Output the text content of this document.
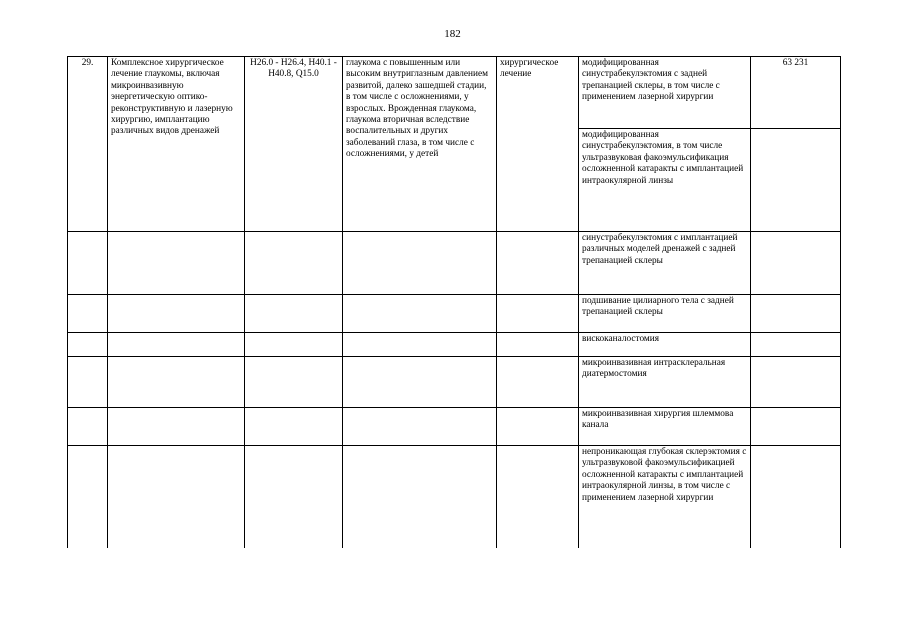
182
29.	Комплексное хирургическое лечение глаукомы, включая микроинвазивную энергетическую оптико-реконструктивную и лазерную хирургию, имплантацию различных видов дренажей	H26.0 - H26.4, H40.1 - H40.8, Q15.0	глаукома с повышенным или высоким внутриглазным давлением развитой, далеко зашедшей стадии, в том числе с осложнениями, у взрослых. Врожденная глаукома, глаукома вторичная вследствие воспалительных и других заболеваний глаза, в том числе с осложнениями, у детей	хирургическое лечение	модифицированная синустрабекулэктомия с задней трепанацией склеры, в том числе с применением лазерной хирургии	63 231
					модифицированная синустрабекулэктомия, в том числе ультразвуковая факоэмульсификация осложненной катаракты с имплантацией интраокулярной линзы	
					синустрабекулэктомия с имплантацией различных моделей дренажей с задней трепанацией склеры	
					подшивание цилиарного тела с задней трепанацией склеры	
					вискоканалостомия	
					микроинвазивная интрасклеральная диатермостомия	
					микроинвазивная хирургия шлеммова канала	
					непроникающая глубокая склерэктомия с ультразвуковой факоэмульсификацией осложненной катаракты с имплантацией интраокулярной линзы, в том числе с применением лазерной хирургии	
